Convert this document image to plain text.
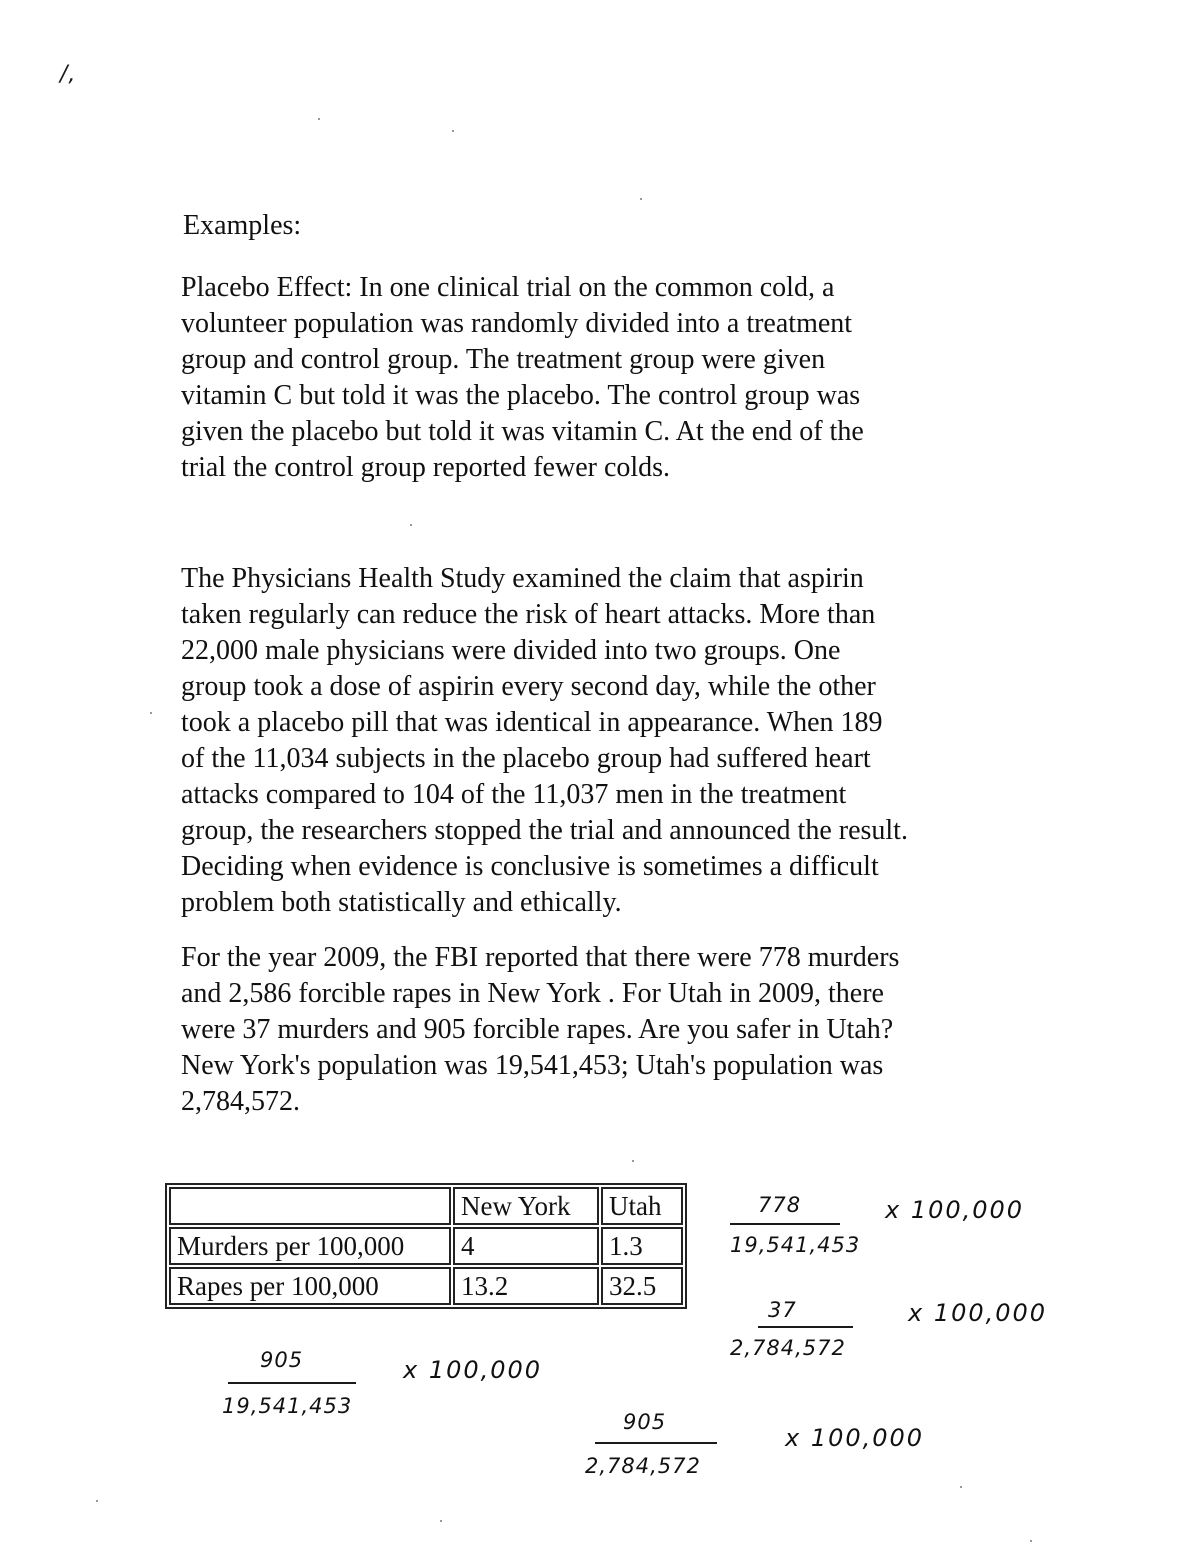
/,
Examples:

Placebo Effect: In one clinical trial on the common cold, a
volunteer population was randomly divided into a treatment
group and control group. The treatment group were given
vitamin C but told it was the placebo. The control group was
given the placebo but told it was vitamin C. At the end of the
trial the control group reported fewer colds.

The Physicians Health Study examined the claim that aspirin
taken regularly can reduce the risk of heart attacks. More than
22,000 male physicians were divided into two groups. One
group took a dose of aspirin every second day, while the other
took a placebo pill that was identical in appearance. When 189
of the 11,034 subjects in the placebo group had suffered heart
attacks compared to 104 of the 11,037 men in the treatment
group, the researchers stopped the trial and announced the result.
Deciding when evidence is conclusive is sometimes a difficult
problem both statistically and ethically.

For the year 2009, the FBI reported that there were 778 murders
and 2,586 forcible rapes in New York . For Utah in 2009, there
were 37 murders and 905 forcible rapes. Are you safer in Utah?
New York's population was 19,541,453; Utah's population was
2,784,572.

	New York	Utah
Murders per 100,000	4	1.3
Rapes per 100,000	13.2	32.5
778
19,541,453
x 100,000
37
2,784,572
x 100,000
905
19,541,453
x 100,000
905
2,784,572
x 100,000
